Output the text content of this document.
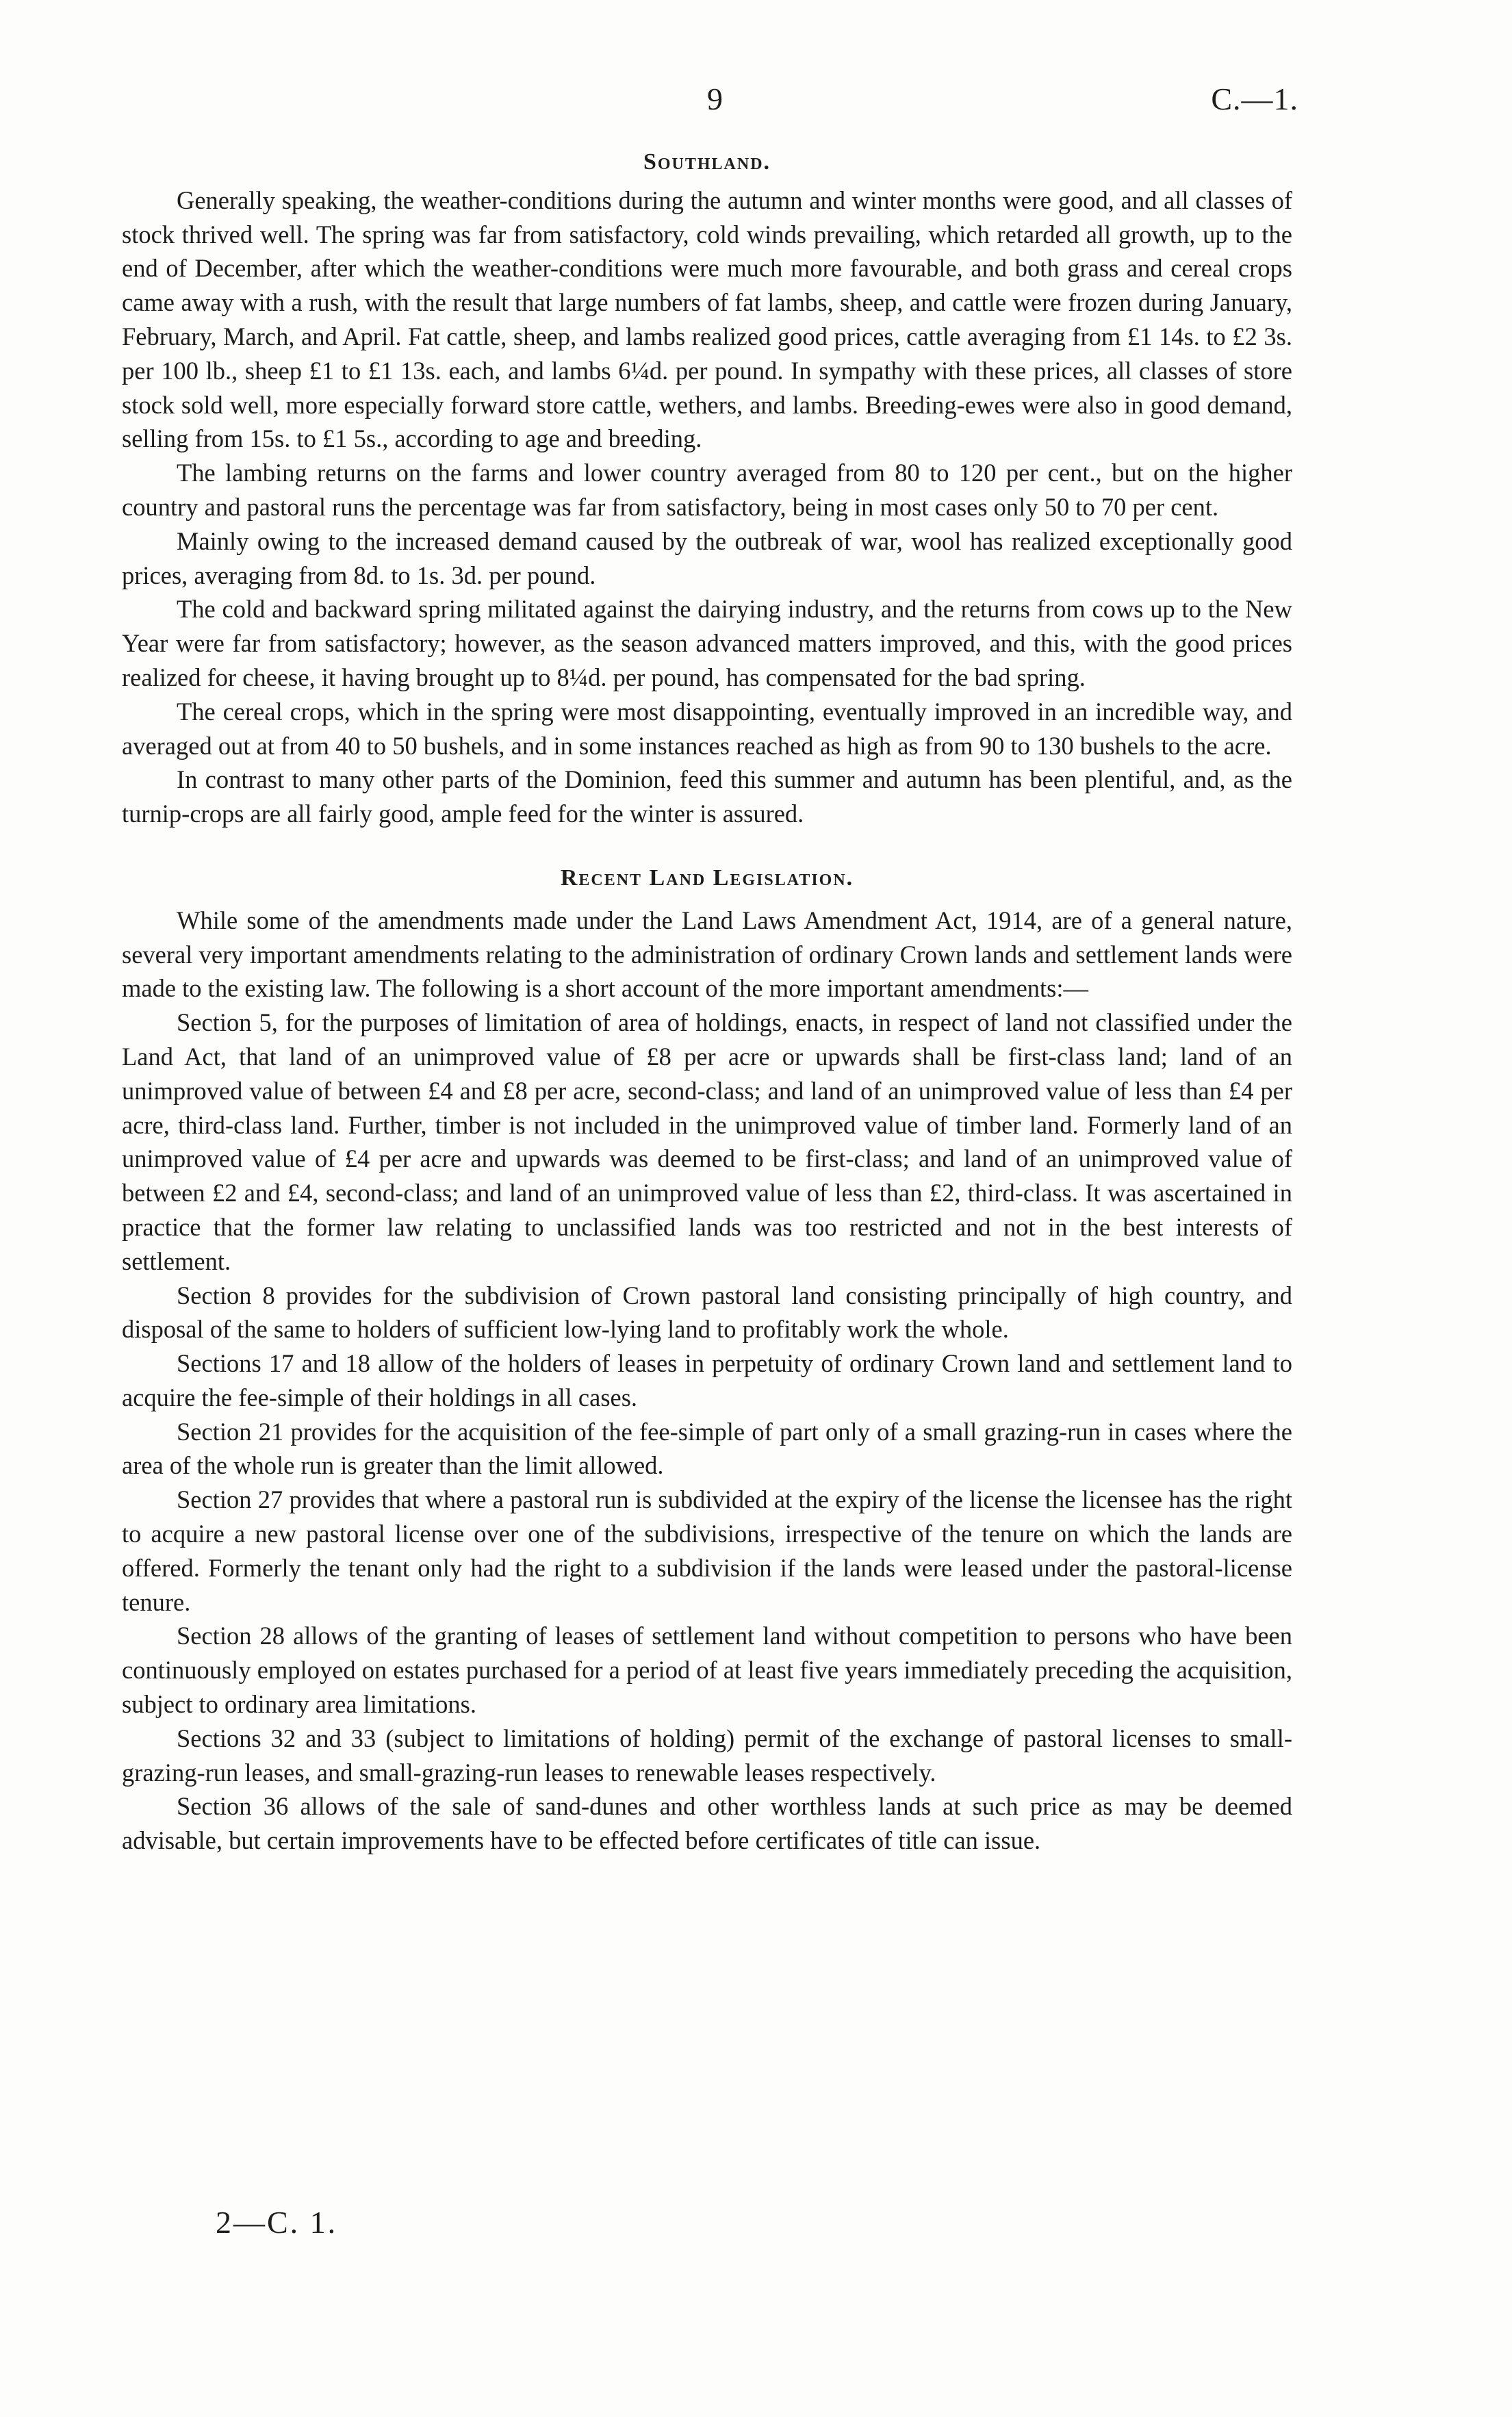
9	C.—1.
Southland.

Generally speaking, the weather-conditions during the autumn and winter months were good, and all classes of stock thrived well. The spring was far from satisfactory, cold winds prevailing, which retarded all growth, up to the end of December, after which the weather-conditions were much more favourable, and both grass and cereal crops came away with a rush, with the result that large numbers of fat lambs, sheep, and cattle were frozen during January, February, March, and April. Fat cattle, sheep, and lambs realized good prices, cattle averaging from £1 14s. to £2 3s. per 100 lb., sheep £1 to £1 13s. each, and lambs 6¼d. per pound. In sympathy with these prices, all classes of store stock sold well, more especially forward store cattle, wethers, and lambs. Breeding-ewes were also in good demand, selling from 15s. to £1 5s., according to age and breeding.

The lambing returns on the farms and lower country averaged from 80 to 120 per cent., but on the higher country and pastoral runs the percentage was far from satisfactory, being in most cases only 50 to 70 per cent.

Mainly owing to the increased demand caused by the outbreak of war, wool has realized exceptionally good prices, averaging from 8d. to 1s. 3d. per pound.

The cold and backward spring militated against the dairying industry, and the returns from cows up to the New Year were far from satisfactory; however, as the season advanced matters improved, and this, with the good prices realized for cheese, it having brought up to 8¼d. per pound, has compensated for the bad spring.

The cereal crops, which in the spring were most disappointing, eventually improved in an incredible way, and averaged out at from 40 to 50 bushels, and in some instances reached as high as from 90 to 130 bushels to the acre.

In contrast to many other parts of the Dominion, feed this summer and autumn has been plentiful, and, as the turnip-crops are all fairly good, ample feed for the winter is assured.

Recent Land Legislation.

While some of the amendments made under the Land Laws Amendment Act, 1914, are of a general nature, several very important amendments relating to the administration of ordinary Crown lands and settlement lands were made to the existing law. The following is a short account of the more important amendments:—

Section 5, for the purposes of limitation of area of holdings, enacts, in respect of land not classified under the Land Act, that land of an unimproved value of £8 per acre or upwards shall be first-class land; land of an unimproved value of between £4 and £8 per acre, second-class; and land of an unimproved value of less than £4 per acre, third-class land. Further, timber is not included in the unimproved value of timber land. Formerly land of an unimproved value of £4 per acre and upwards was deemed to be first-class; and land of an unimproved value of between £2 and £4, second-class; and land of an unimproved value of less than £2, third-class. It was ascertained in practice that the former law relating to unclassified lands was too restricted and not in the best interests of settlement.

Section 8 provides for the subdivision of Crown pastoral land consisting principally of high country, and disposal of the same to holders of sufficient low-lying land to profitably work the whole.

Sections 17 and 18 allow of the holders of leases in perpetuity of ordinary Crown land and settlement land to acquire the fee-simple of their holdings in all cases.

Section 21 provides for the acquisition of the fee-simple of part only of a small grazing-run in cases where the area of the whole run is greater than the limit allowed.

Section 27 provides that where a pastoral run is subdivided at the expiry of the license the licensee has the right to acquire a new pastoral license over one of the subdivisions, irrespective of the tenure on which the lands are offered. Formerly the tenant only had the right to a subdivision if the lands were leased under the pastoral-license tenure.

Section 28 allows of the granting of leases of settlement land without competition to persons who have been continuously employed on estates purchased for a period of at least five years immediately preceding the acquisition, subject to ordinary area limitations.

Sections 32 and 33 (subject to limitations of holding) permit of the exchange of pastoral licenses to small-grazing-run leases, and small-grazing-run leases to renewable leases respectively.

Section 36 allows of the sale of sand-dunes and other worthless lands at such price as may be deemed advisable, but certain improvements have to be effected before certificates of title can issue.

2—C. 1.
